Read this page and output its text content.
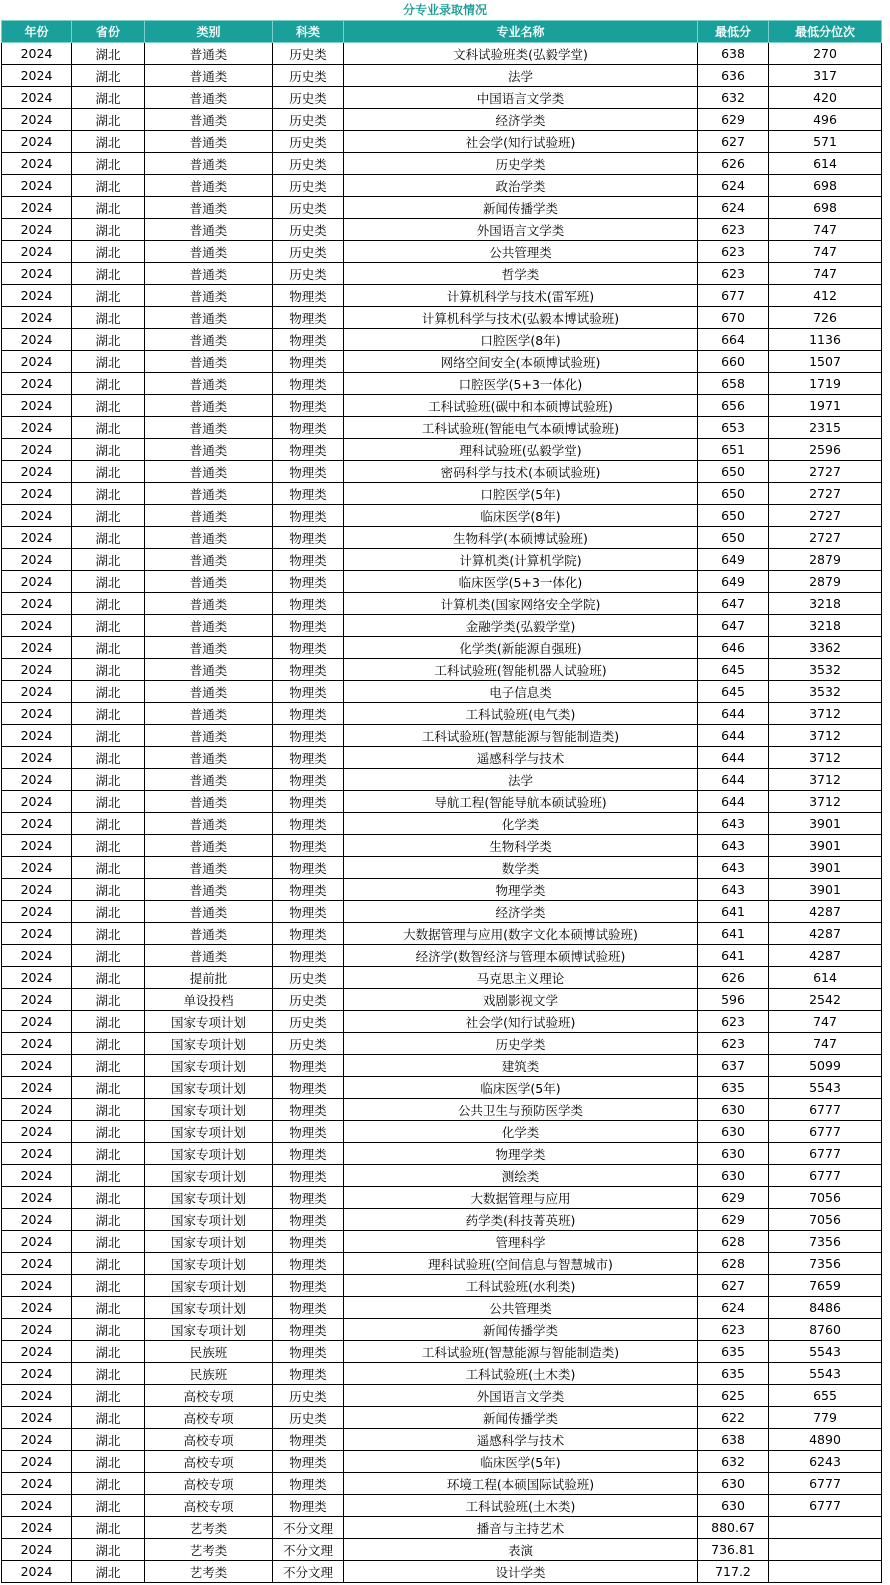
分专业录取情况
年份	省份	类别	科类	专业名称	最低分	最低分位次
2024	湖北	普通类	历史类	文科试验班类(弘毅学堂)	638	270
2024	湖北	普通类	历史类	法学	636	317
2024	湖北	普通类	历史类	中国语言文学类	632	420
2024	湖北	普通类	历史类	经济学类	629	496
2024	湖北	普通类	历史类	社会学(知行试验班)	627	571
2024	湖北	普通类	历史类	历史学类	626	614
2024	湖北	普通类	历史类	政治学类	624	698
2024	湖北	普通类	历史类	新闻传播学类	624	698
2024	湖北	普通类	历史类	外国语言文学类	623	747
2024	湖北	普通类	历史类	公共管理类	623	747
2024	湖北	普通类	历史类	哲学类	623	747
2024	湖北	普通类	物理类	计算机科学与技术(雷军班)	677	412
2024	湖北	普通类	物理类	计算机科学与技术(弘毅本博试验班)	670	726
2024	湖北	普通类	物理类	口腔医学(8年)	664	1136
2024	湖北	普通类	物理类	网络空间安全(本硕博试验班)	660	1507
2024	湖北	普通类	物理类	口腔医学(5+3一体化)	658	1719
2024	湖北	普通类	物理类	工科试验班(碳中和本硕博试验班)	656	1971
2024	湖北	普通类	物理类	工科试验班(智能电气本硕博试验班)	653	2315
2024	湖北	普通类	物理类	理科试验班(弘毅学堂)	651	2596
2024	湖北	普通类	物理类	密码科学与技术(本硕试验班)	650	2727
2024	湖北	普通类	物理类	口腔医学(5年)	650	2727
2024	湖北	普通类	物理类	临床医学(8年)	650	2727
2024	湖北	普通类	物理类	生物科学(本硕博试验班)	650	2727
2024	湖北	普通类	物理类	计算机类(计算机学院)	649	2879
2024	湖北	普通类	物理类	临床医学(5+3一体化)	649	2879
2024	湖北	普通类	物理类	计算机类(国家网络安全学院)	647	3218
2024	湖北	普通类	物理类	金融学类(弘毅学堂)	647	3218
2024	湖北	普通类	物理类	化学类(新能源自强班)	646	3362
2024	湖北	普通类	物理类	工科试验班(智能机器人试验班)	645	3532
2024	湖北	普通类	物理类	电子信息类	645	3532
2024	湖北	普通类	物理类	工科试验班(电气类)	644	3712
2024	湖北	普通类	物理类	工科试验班(智慧能源与智能制造类)	644	3712
2024	湖北	普通类	物理类	遥感科学与技术	644	3712
2024	湖北	普通类	物理类	法学	644	3712
2024	湖北	普通类	物理类	导航工程(智能导航本硕试验班)	644	3712
2024	湖北	普通类	物理类	化学类	643	3901
2024	湖北	普通类	物理类	生物科学类	643	3901
2024	湖北	普通类	物理类	数学类	643	3901
2024	湖北	普通类	物理类	物理学类	643	3901
2024	湖北	普通类	物理类	经济学类	641	4287
2024	湖北	普通类	物理类	大数据管理与应用(数字文化本硕博试验班)	641	4287
2024	湖北	普通类	物理类	经济学(数智经济与管理本硕博试验班)	641	4287
2024	湖北	提前批	历史类	马克思主义理论	626	614
2024	湖北	单设投档	历史类	戏剧影视文学	596	2542
2024	湖北	国家专项计划	历史类	社会学(知行试验班)	623	747
2024	湖北	国家专项计划	历史类	历史学类	623	747
2024	湖北	国家专项计划	物理类	建筑类	637	5099
2024	湖北	国家专项计划	物理类	临床医学(5年)	635	5543
2024	湖北	国家专项计划	物理类	公共卫生与预防医学类	630	6777
2024	湖北	国家专项计划	物理类	化学类	630	6777
2024	湖北	国家专项计划	物理类	物理学类	630	6777
2024	湖北	国家专项计划	物理类	测绘类	630	6777
2024	湖北	国家专项计划	物理类	大数据管理与应用	629	7056
2024	湖北	国家专项计划	物理类	药学类(科技菁英班)	629	7056
2024	湖北	国家专项计划	物理类	管理科学	628	7356
2024	湖北	国家专项计划	物理类	理科试验班(空间信息与智慧城市)	628	7356
2024	湖北	国家专项计划	物理类	工科试验班(水利类)	627	7659
2024	湖北	国家专项计划	物理类	公共管理类	624	8486
2024	湖北	国家专项计划	物理类	新闻传播学类	623	8760
2024	湖北	民族班	物理类	工科试验班(智慧能源与智能制造类)	635	5543
2024	湖北	民族班	物理类	工科试验班(土木类)	635	5543
2024	湖北	高校专项	历史类	外国语言文学类	625	655
2024	湖北	高校专项	历史类	新闻传播学类	622	779
2024	湖北	高校专项	物理类	遥感科学与技术	638	4890
2024	湖北	高校专项	物理类	临床医学(5年)	632	6243
2024	湖北	高校专项	物理类	环境工程(本硕国际试验班)	630	6777
2024	湖北	高校专项	物理类	工科试验班(土木类)	630	6777
2024	湖北	艺考类	不分文理	播音与主持艺术	880.67	
2024	湖北	艺考类	不分文理	表演	736.81	
2024	湖北	艺考类	不分文理	设计学类	717.2	
